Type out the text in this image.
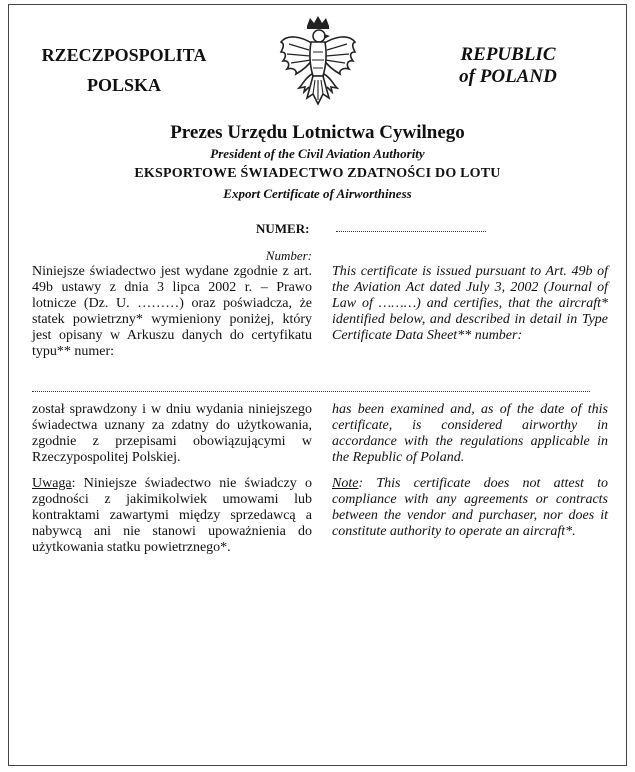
RZECZPOSPOLITA
POLSKA
REPUBLIC
of POLAND
Prezes Urzędu Lotnictwa Cywilnego
President of the Civil Aviation Authority
EKSPORTOWE ŚWIADECTWO ZDATNOŚCI DO LOTU
Export Certificate of Airworthiness
NUMER:
Number:
Niniejsze świadectwo jest wydane zgodnie z art. 49b ustawy z dnia 3 lipca 2002 r. – Prawo lotnicze (Dz. U. ………) oraz poświadcza, że statek powietrzny* wymieniony poniżej, który jest opisany w Arkuszu danych do certyfikatu typu** numer:
This certificate is issued pursuant to Art. 49b of the Aviation Act dated July 3, 2002 (Journal of Law of ………) and certifies, that the aircraft* identified below, and described in detail in Type Certificate Data Sheet** number:
został sprawdzony i w dniu wydania niniejszego świadectwa uznany za zdatny do użytkowania, zgodnie z przepisami obowiązującymi w Rzeczypospolitej Polskiej.
has been examined and, as of the date of this certificate, is considered airworthy in accordance with the regulations applicable in the Republic of Poland.
Uwaga: Niniejsze świadectwo nie świadczy o zgodności z jakimikolwiek umowami lub kontraktami zawartymi między sprzedawcą a nabywcą ani nie stanowi upoważnienia do użytkowania statku powietrznego*.
Note: This certificate does not attest to compliance with any agreements or contracts between the vendor and purchaser, nor does it constitute authority to operate an aircraft*.
